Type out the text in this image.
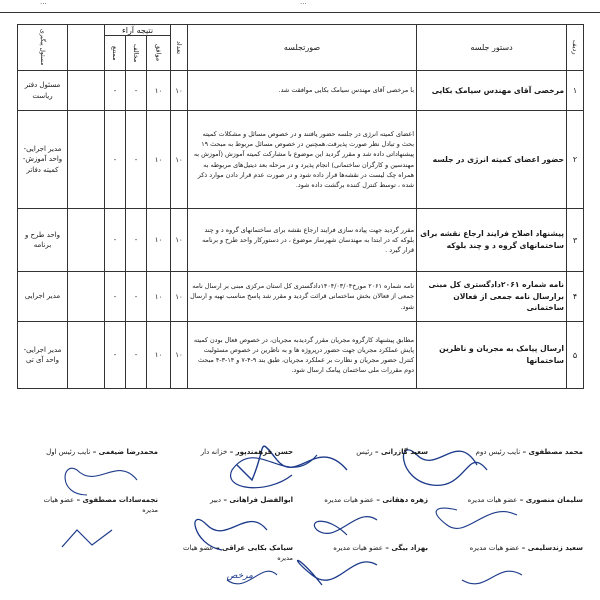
...	...
ردیف	دستور جلسه	صورتجلسه	تعداد	نتیجه آراء				مسئول پیگیری

				موافق	مخالف	ممتنع		

۱	مرخصی آقای مهندس سیامک بکایی	با مرخصی آقای مهندس سیامک بکایی موافقت شد.	۱۰	۱۰	-	-		مسئول دفتر ریاست
۲	حضور اعضای کمیته انرژی در جلسه	اعضای کمیته انرژی در جلسه حضور یافتند و در خصوص مسائل و مشکلات کمیته بحث و تبادل نظر صورت پذیرفت.همچنین در خصوص مسائل مربوط به مبحث ۱۹ پیشنهاداتی داده شد و مقرر گردید این موضوع با مشارکت کمیته آموزش (آموزش به مهندسین و کارگران ساختمانی) انجام پذیرد و در مرحله بعد دیتیل‌های مربوطه به همراه چک لیست در نقشه‌ها قرار داده شود و در صورت عدم قرار دادن موارد ذکر شده ، توسط کنترل کننده برگشت داده شود.	۱۰	۱۰	-	-		مدیر اجرایی- واحد آموزش- کمیته دفاتر
۳	پیشنهاد اصلاح فرایند ارجاع نقشه برای ساختمانهای گروه د و چند بلوکه	مقرر گردید جهت پیاده سازی فرایند ارجاع نقشه برای ساختمانهای گروه د و چند بلوکه که در ابتدا به مهندسان شهرساز موضوع ، در دستورکار واحد طرح و برنامه قرار گیرد .	۱۰	۱۰	-	-		واحد طرح و برنامه
۴	نامه شماره ۲۰۶۱دادگستری کل مبنی برارسال نامه جمعی از فعالان ساختمانی	نامه شماره ۲۰۶۱ مورخ۱۴۰۴/۰۳/۰۴دادگستری کل استان مرکزی مبنی بر ارسال نامه جمعی از فعالان بخش ساختمانی قرائت گردید و مقرر شد پاسخ مناسب تهیه و ارسال شود.	۱۰	۱۰	-	-		مدیر اجرایی
۵	ارسال پیامک به مجریان و ناظرین ساختمانها	مطابق پیشنهاد کارگروه مجریان مقرر گردیدبه مجریان، در خصوص فعال بودن کمیته پایش عملکرد مجریان جهت حضور درپروژه ها و به ناظرین در خصوص مسئولیت کنترل حضور مجریان و نظارت بر عملکرد مجریان، طبق بند ۹-۴-۷ و ۱۴-۳-۴ مبحث دوم مقررات ملی ساختمان پیامک ارسال شود.	۱۰	۱۰	-	-		مدیر اجرایی- واحد آی تی
محمد مصطفوی – نایب رئیس دوم
سعید گازرانی – رئیس
حسن فرهمندپور – خزانه دار
محمدرضا ضیغمی – نایب رئیس اول
سلیمان منصوری – عضو هیات مدیره
زهره دهقانی – عضو هیات مدیره
ابوالفضل فراهانی – دبیر
نجمه‌سادات مصطفوی – عضو هیات
مدیره
سعید زندسلیمی – عضو هیات مدیره
بهزاد بیگی – عضو هیات مدیره
سیامک بکایی عراقی – عضو هیات
مدیره
مرخص
